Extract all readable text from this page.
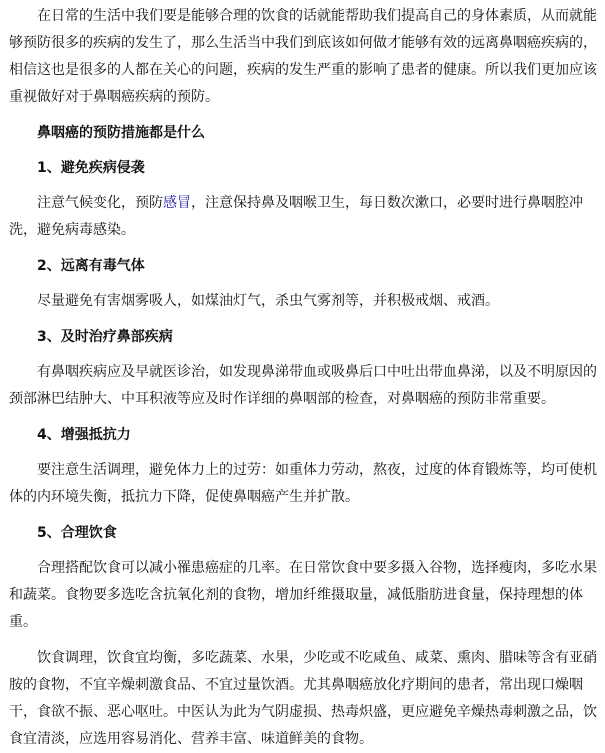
在日常的生活中我们要是能够合理的饮食的话就能帮助我们提高自己的身体素质，从而就能够预防很多的疾病的发生了，那么生活当中我们到底该如何做才能够有效的远离鼻咽癌疾病的，相信这也是很多的人都在关心的问题，疾病的发生严重的影响了患者的健康。所以我们更加应该重视做好对于鼻咽癌疾病的预防。

鼻咽癌的预防措施都是什么

1、避免疾病侵袭

注意气候变化，预防感冒，注意保持鼻及咽喉卫生，每日数次漱口，必要时进行鼻咽腔冲洗，避免病毒感染。

2、远离有毒气体

尽量避免有害烟雾吸人，如煤油灯气，杀虫气雾剂等，并积极戒烟、戒酒。

3、及时治疗鼻部疾病

有鼻咽疾病应及早就医诊治，如发现鼻涕带血或吸鼻后口中吐出带血鼻涕，以及不明原因的颈部淋巴结肿大、中耳积液等应及时作详细的鼻咽部的检查，对鼻咽癌的预防非常重要。

4、增强抵抗力

要注意生活调理，避免体力上的过劳：如重体力劳动，熬夜，过度的体育锻炼等，均可使机体的内环境失衡，抵抗力下降，促使鼻咽癌产生并扩散。

5、合理饮食

合理搭配饮食可以减小罹患癌症的几率。在日常饮食中要多摄入谷物，选择瘦肉，多吃水果和蔬菜。食物要多选吃含抗氧化剂的食物，增加纤维摄取量，减低脂肪进食量，保持理想的体重。

饮食调理，饮食宜均衡，多吃蔬菜、水果，少吃或不吃咸鱼、咸菜、熏肉、腊味等含有亚硝胺的食物，不宜辛燥刺激食品、不宜过量饮酒。尤其鼻咽癌放化疗期间的患者，常出现口燥咽干，食欲不振、恶心呕吐。中医认为此为气阴虚损、热毒炽盛，更应避免辛燥热毒刺激之品，饮食宜清淡，应选用容易消化、营养丰富、味道鲜美的食物。
